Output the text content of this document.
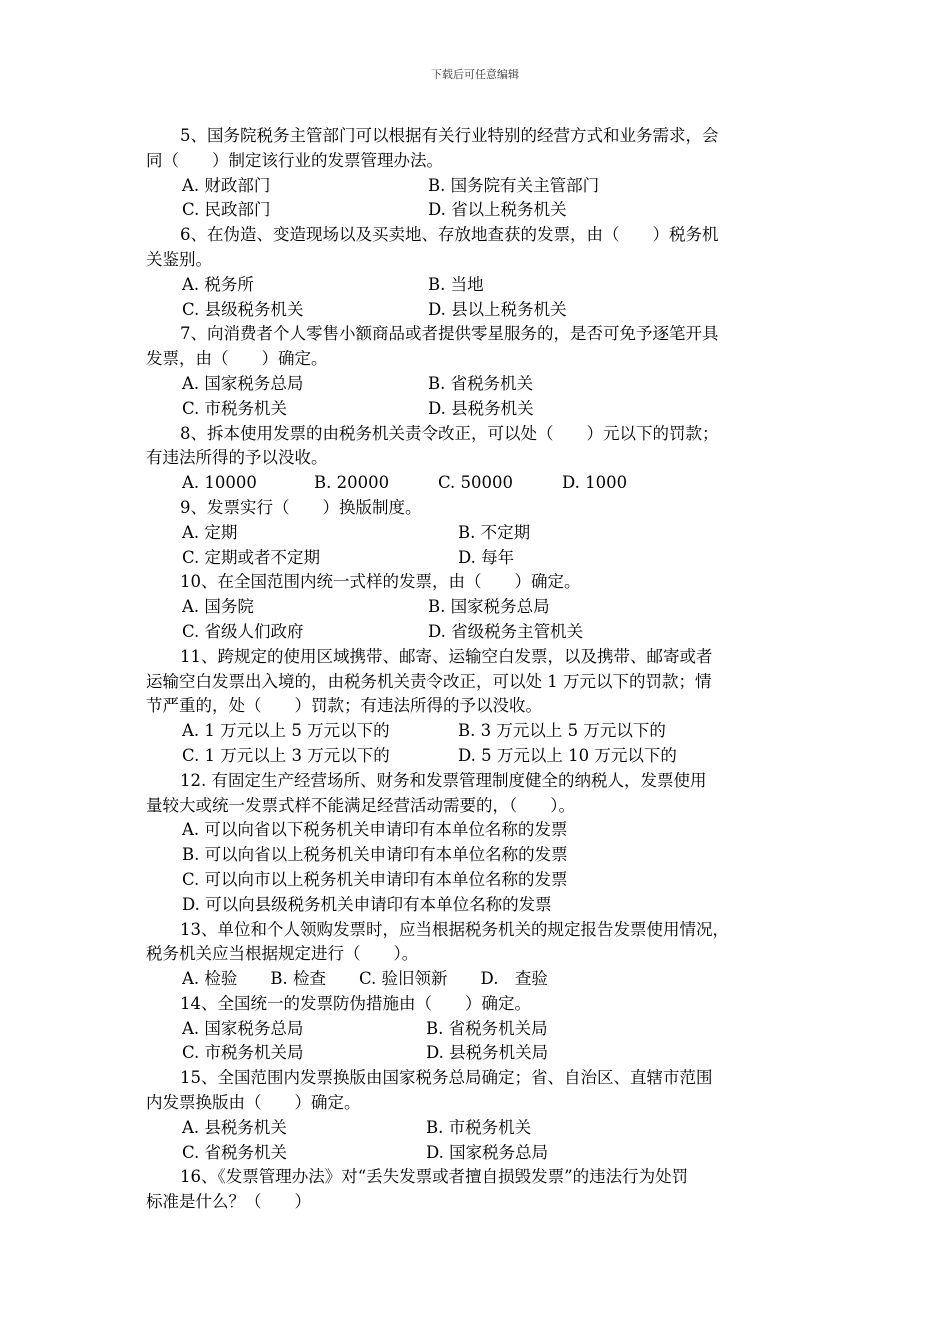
下载后可任意编辑
5、国务院税务主管部门可以根据有关行业特别的经营方式和业务需求，会
同（　　）制定该行业的发票管理办法。
A. 财政部门	B. 国务院有关主管部门
C. 民政部门	D. 省以上税务机关
6、在伪造、变造现场以及买卖地、存放地查获的发票，由（　　）税务机
关鉴别。
A. 税务所	B. 当地
C. 县级税务机关	D. 县以上税务机关
7、向消费者个人零售小额商品或者提供零星服务的，是否可免予逐笔开具
发票，由（　　）确定。
A. 国家税务总局	B. 省税务机关
C. 市税务机关	D. 县税务机关
8、拆本使用发票的由税务机关责令改正，可以处（　　）元以下的罚款；
有违法所得的予以没收。
A. 10000	B. 20000	C. 50000	D. 1000
9、发票实行（　　）换版制度。
A. 定期	B. 不定期
C. 定期或者不定期	D. 每年
10、在全国范围内统一式样的发票，由（　　）确定。
A. 国务院	B. 国家税务总局
C. 省级人们政府	D. 省级税务主管机关
11、跨规定的使用区域携带、邮寄、运输空白发票，以及携带、邮寄或者
运输空白发票出入境的，由税务机关责令改正，可以处 1 万元以下的罚款；情
节严重的，处（　　）罚款；有违法所得的予以没收。
A. 1 万元以上 5 万元以下的	B. 3 万元以上 5 万元以下的
C. 1 万元以上 3 万元以下的	D. 5 万元以上 10 万元以下的
12. 有固定生产经营场所、财务和发票管理制度健全的纳税人，发票使用
量较大或统一发票式样不能满足经营活动需要的，（　　）。
A. 可以向省以下税务机关申请印有本单位名称的发票
B. 可以向省以上税务机关申请印有本单位名称的发票
C. 可以向市以上税务机关申请印有本单位名称的发票
D. 可以向县级税务机关申请印有本单位名称的发票
13、单位和个人领购发票时，应当根据税务机关的规定报告发票使用情况，
税务机关应当根据规定进行（　　）。
A. 检验　　B. 检查　　C. 验旧领新　　D.　查验
14、全国统一的发票防伪措施由（　　）确定。
A. 国家税务总局	B. 省税务机关局
C. 市税务机关局	D. 县税务机关局
15、全国范围内发票换版由国家税务总局确定；省、自治区、直辖市范围
内发票换版由（　　）确定。
A. 县税务机关	B. 市税务机关
C. 省税务机关	D. 国家税务总局
16、《发票管理办法》对“丢失发票或者擅自损毁发票”的违法行为处罚
标准是什么？（　　）
